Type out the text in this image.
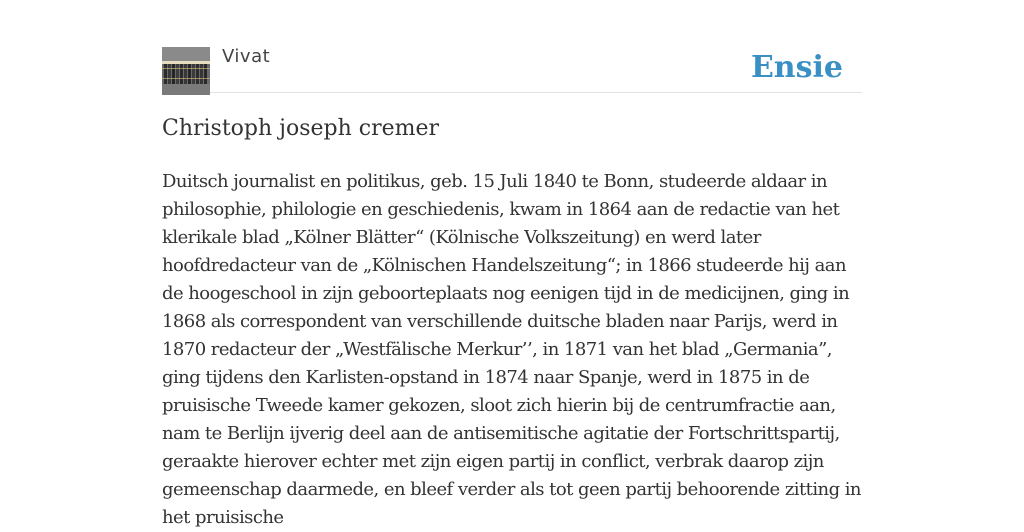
Vivat	Ensie
Christoph joseph cremer

Duitsch journalist en politikus, geb. 15 Juli 1840 te Bonn, studeerde aldaar in philosophie, philologie en geschiedenis, kwam in 1864 aan de redactie van het klerikale blad „Kölner Blätter“ (Kölnische Volkszeitung) en werd later hoofdredacteur van de „Kölnischen Handelszeitung“; in 1866 studeerde hij aan de hoogeschool in zijn geboorteplaats nog eenigen tijd in de medicijnen, ging in 1868 als correspondent van verschillende duitsche bladen naar Parijs, werd in 1870 redacteur der „Westfälische Merkur’’, in 1871 van het blad „Germania”, ging tijdens den Karlisten-opstand in 1874 naar Spanje, werd in 1875 in de pruisische Tweede kamer gekozen, sloot zich hierin bij de centrumfractie aan, nam te Berlijn ijverig deel aan de antisemitische agitatie der Fortschrittspartij, geraakte hierover echter met zijn eigen partij in conflict, verbrak daarop zijn gemeenschap daarmede, en bleef verder als tot geen partij behoorende zitting in het pruisische
